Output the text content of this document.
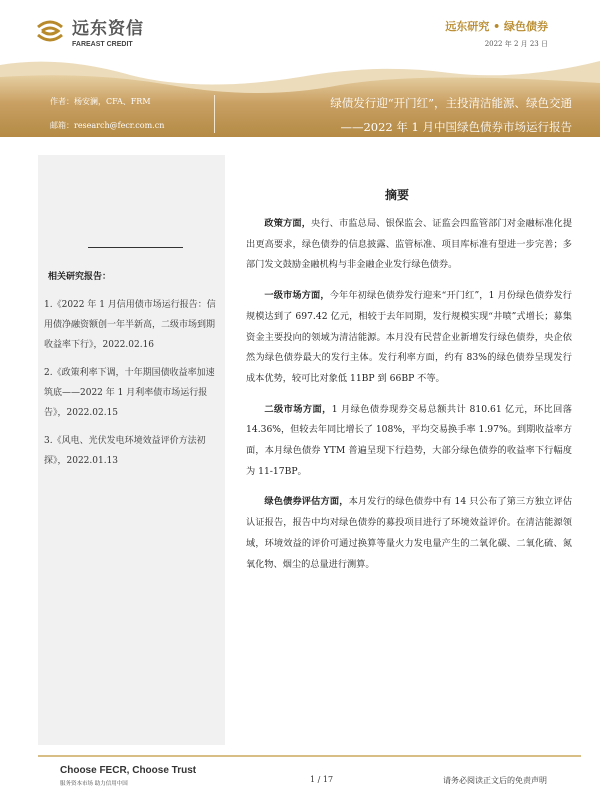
远东资信
FAREAST CREDIT
远东研究 • 绿色债券
2022 年 2 月 23 日
作者：杨安澜，CFA、FRM
邮箱：research@fecr.com.cn
绿债发行迎“开门红”，主投清洁能源、绿色交通
——2022 年 1 月中国绿色债券市场运行报告
相关研究报告：
1.《2022 年 1 月信用债市场运行报告：信用债净融资额创一年半新高，二级市场到期收益率下行》，2022.02.16
2.《政策利率下调，十年期国债收益率加速筑底——2022 年 1 月利率债市场运行报告》，2022.02.15
3.《风电、光伏发电环境效益评价方法初探》，2022.01.13
摘要

政策方面，央行、市监总局、银保监会、证监会四监管部门对金融标准化提出更高要求，绿色债券的信息披露、监管标准、项目库标准有望进一步完善；多部门发文鼓励金融机构与非金融企业发行绿色债券。

一级市场方面，今年年初绿色债券发行迎来“开门红”，1 月份绿色债券发行规模达到了 697.42 亿元，相较于去年同期，发行规模实现“井喷”式增长；募集资金主要投向的领域为清洁能源。本月没有民营企业新增发行绿色债券，央企依然为绿色债券最大的发行主体。发行利率方面，约有 83%的绿色债券呈现发行成本优势，较可比对象低 11BP 到 66BP 不等。

二级市场方面，1 月绿色债券现券交易总额共计 810.61 亿元，环比回落 14.36%，但较去年同比增长了 108%，平均交易换手率 1.97%。到期收益率方面，本月绿色债券 YTM 普遍呈现下行趋势，大部分绿色债券的收益率下行幅度为 11-17BP。

绿色债券评估方面，本月发行的绿色债券中有 14 只公布了第三方独立评估认证报告，报告中均对绿色债券的募投项目进行了环境效益评价。在清洁能源领域，环境效益的评价可通过换算等量火力发电量产生的二氧化碳、二氧化硫、氮氧化物、烟尘的总量进行测算。

Choose FECR, Choose Trust
服务资本市场 助力信用中国	1 / 17	请务必阅读正文后的免责声明
